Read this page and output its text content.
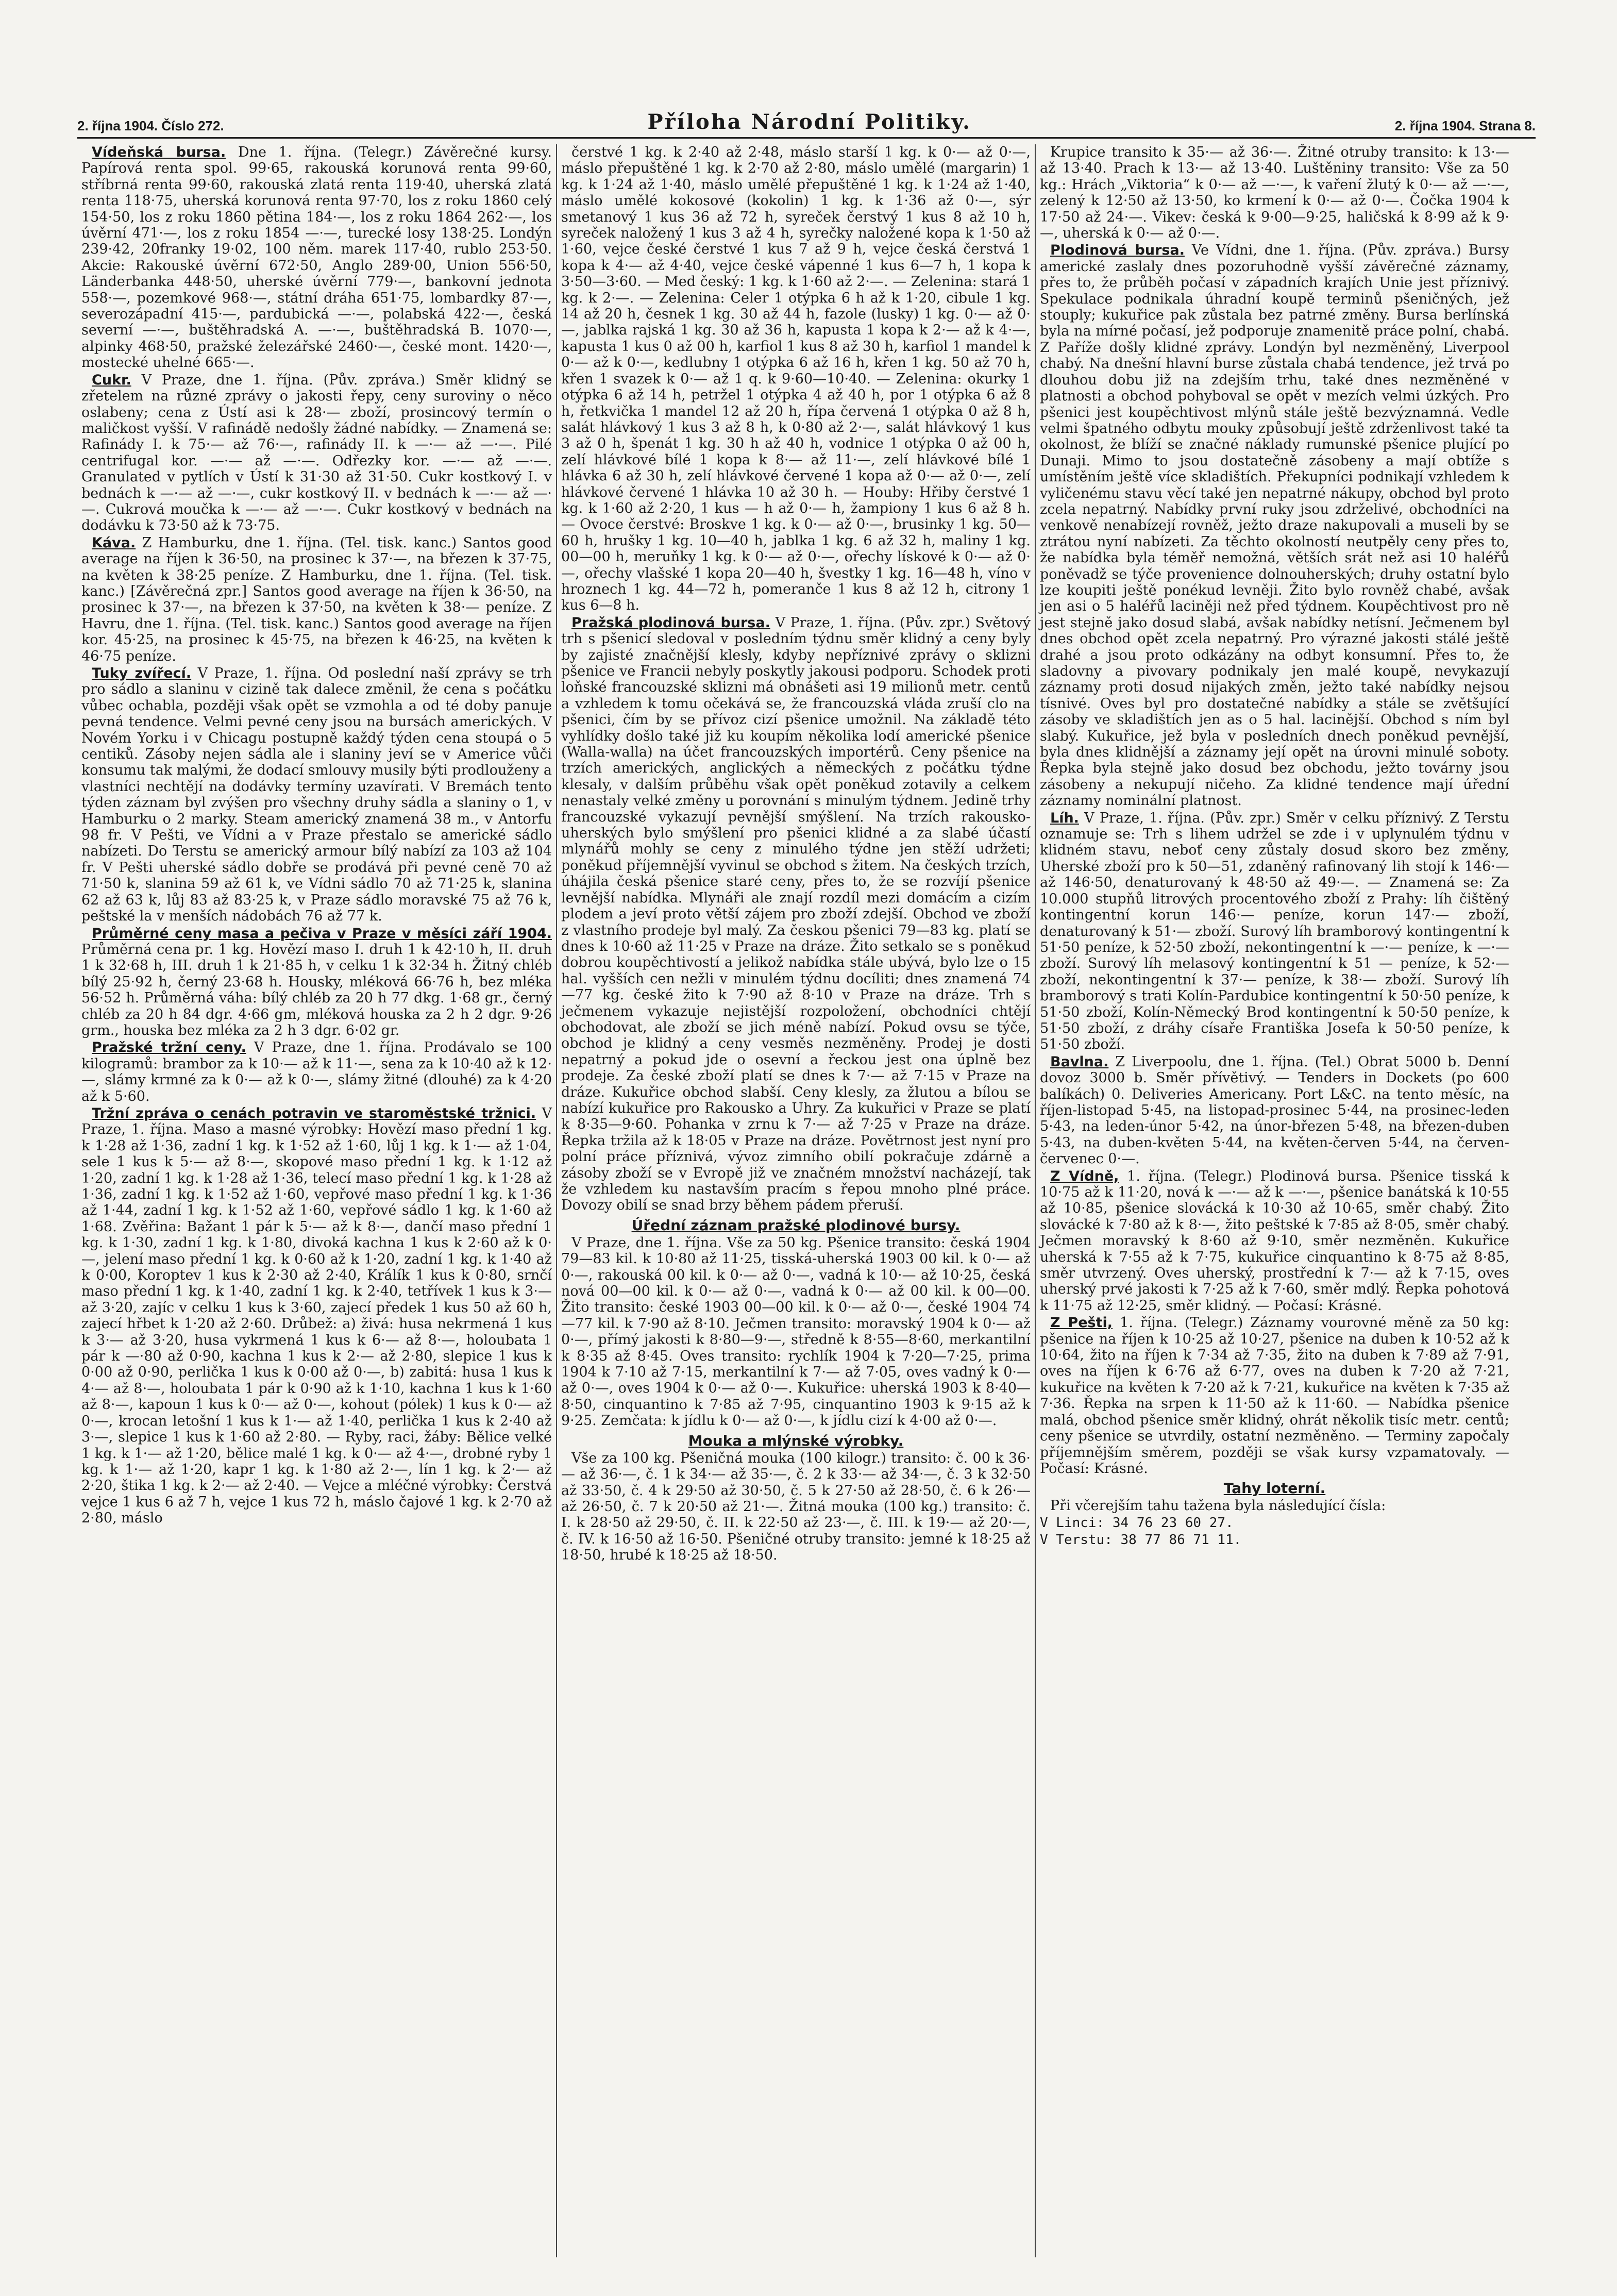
2. října 1904. Číslo 272.	Příloha Národní Politiky.	2. října 1904. Strana 8.

Vídeňská bursa. Dne 1. října. (Telegr.) Závěrečné kursy. Papírová renta spol. 99·65, rakouská korunová renta 99·60, stříbrná renta 99·60, rakouská zlatá renta 119·40, uherská zlatá renta 118·75, uherská korunová renta 97·70, los z roku 1860 celý 154·50, los z roku 1860 pětina 184·—, los z roku 1864 262·—, los úvěrní 471·—, los z roku 1854 —·—, turecké losy 138·25. Londýn 239·42, 20franky 19·02, 100 něm. marek 117·40, rublo 253·50. Akcie: Rakouské úvěrní 672·50, Anglo 289·00, Union 556·50, Länderbanka 448·50, uherské úvěrní 779·—, bankovní jednota 558·—, pozemkové 968·—, státní dráha 651·75, lombardky 87·—, severozápadní 415·—, pardubická —·—, polabská 422·—, česká severní —·—, buštěhradská A. —·—, buštěhradská B. 1070·—, alpinky 468·50, pražské železářské 2460·—, české mont. 1420·—, mostecké uhelné 665·—.

Cukr. V Praze, dne 1. října. (Pův. zpráva.) Směr klidný se zřetelem na různé zprávy o jakosti řepy, ceny suroviny o něco oslabeny; cena z Ústí asi k 28·— zboží, prosincový termín o maličkost vyšší. V rafinádě nedošly žádné nabídky. — Znamená se: Rafinády I. k 75·— až 76·—, rafinády II. k —·— až —·—. Pilé centrifugal kor. —·— až —·—. Odřezky kor. —·— až —·—. Granulated v pytlích v Ústí k 31·30 až 31·50. Cukr kostkový I. v bednách k —·— až —·—, cukr kostkový II. v bednách k —·— až —·—. Cukrová moučka k —·— až —·—. Cukr kostkový v bednách na dodávku k 73·50 až k 73·75.

Káva. Z Hamburku, dne 1. října. (Tel. tisk. kanc.) Santos good average na říjen k 36·50, na prosinec k 37·—, na březen k 37·75, na květen k 38·25 peníze. Z Hamburku, dne 1. října. (Tel. tisk. kanc.) [Závěrečná zpr.] Santos good average na říjen k 36·50, na prosinec k 37·—, na březen k 37·50, na květen k 38·— peníze. Z Havru, dne 1. října. (Tel. tisk. kanc.) Santos good average na říjen kor. 45·25, na prosinec k 45·75, na březen k 46·25, na květen k 46·75 peníze.

Tuky zvířecí. V Praze, 1. října. Od poslední naší zprávy se trh pro sádlo a slaninu v cizině tak dalece změnil, že cena s počátku vůbec ochabla, později však opět se vzmohla a od té doby panuje pevná tendence. Velmi pevné ceny jsou na bursách amerických. V Novém Yorku i v Chicagu postupně každý týden cena stoupá o 5 centiků. Zásoby nejen sádla ale i slaniny jeví se v Americe vůči konsumu tak malými, že dodací smlouvy musily býti prodlouženy a vlastníci nechtějí na dodávky termíny uzavírati. V Bremách tento týden záznam byl zvýšen pro všechny druhy sádla a slaniny o 1, v Hamburku o 2 marky. Steam americký znamená 38 m., v Antorfu 98 fr. V Pešti, ve Vídni a v Praze přestalo se americké sádlo nabízeti. Do Terstu se americký armour bílý nabízí za 103 až 104 fr. V Pešti uherské sádlo dobře se prodává při pevné ceně 70 až 71·50 k, slanina 59 až 61 k, ve Vídni sádlo 70 až 71·25 k, slanina 62 až 63 k, lůj 83 až 83·25 k, v Praze sádlo moravské 75 až 76 k, peštské la v menších nádobách 76 až 77 k.

Průměrné ceny masa a pečiva v Praze v měsíci září 1904. Průměrná cena pr. 1 kg. Hovězí maso I. druh 1 k 42·10 h, II. druh 1 k 32·68 h, III. druh 1 k 21·85 h, v celku 1 k 32·34 h. Žitný chléb bílý 25·92 h, černý 23·68 h. Housky, mléková 66·76 h, bez mléka 56·52 h. Průměrná váha: bílý chléb za 20 h 77 dkg. 1·68 gr., černý chléb za 20 h 84 dgr. 4·66 gm, mléková houska za 2 h 2 dgr. 9·26 grm., houska bez mléka za 2 h 3 dgr. 6·02 gr.

Pražské tržní ceny. V Praze, dne 1. října. Prodávalo se 100 kilogramů: brambor za k 10·— až k 11·—, sena za k 10·40 až k 12·—, slámy krmné za k 0·— až k 0·—, slámy žitné (dlouhé) za k 4·20 až k 5·60.

Tržní zpráva o cenách potravin ve staroměstské tržnici. V Praze, 1. října. Maso a masné výrobky: Hovězí maso přední 1 kg. k 1·28 až 1·36, zadní 1 kg. k 1·52 až 1·60, lůj 1 kg. k 1·— až 1·04, sele 1 kus k 5·— až 8·—, skopové maso přední 1 kg. k 1·12 až 1·20, zadní 1 kg. k 1·28 až 1·36, telecí maso přední 1 kg. k 1·28 až 1·36, zadní 1 kg. k 1·52 až 1·60, vepřové maso přední 1 kg. k 1·36 až 1·44, zadní 1 kg. k 1·52 až 1·60, vepřové sádlo 1 kg. k 1·60 až 1·68. Zvěřina: Bažant 1 pár k 5·— až k 8·—, dančí maso přední 1 kg. k 1·30, zadní 1 kg. k 1·80, divoká kachna 1 kus k 2·60 až k 0·—, jelení maso přední 1 kg. k 0·60 až k 1·20, zadní 1 kg. k 1·40 až k 0·00, Koroptev 1 kus k 2·30 až 2·40, Králík 1 kus k 0·80, srnčí maso přední 1 kg. k 1·40, zadní 1 kg. k 2·40, tetřívek 1 kus k 3·— až 3·20, zajíc v celku 1 kus k 3·60, zajecí předek 1 kus 50 až 60 h, zajecí hřbet k 1·20 až 2·60. Drůbež: a) živá: husa nekrmená 1 kus k 3·— až 3·20, husa vykrmená 1 kus k 6·— až 8·—, holoubata 1 pár k —·80 až 0·90, kachna 1 kus k 2·— až 2·80, slepice 1 kus k 0·00 až 0·90, perlička 1 kus k 0·00 až 0·—, b) zabitá: husa 1 kus k 4·— až 8·—, holoubata 1 pár k 0·90 až k 1·10, kachna 1 kus k 1·60 až 8·—, kapoun 1 kus k 0·— až 0·—, kohout (pólek) 1 kus k 0·— až 0·—, krocan letošní 1 kus k 1·— až 1·40, perlička 1 kus k 2·40 až 3·—, slepice 1 kus k 1·60 až 2·80. — Ryby, raci, žáby: Bělice velké 1 kg. k 1·— až 1·20, bělice malé 1 kg. k 0·— až 4·—, drobné ryby 1 kg. k 1·— až 1·20, kapr 1 kg. k 1·80 až 2·—, lín 1 kg. k 2·— až 2·20, štika 1 kg. k 2·— až 2·40. — Vejce a mléčné výrobky: Čerstvá vejce 1 kus 6 až 7 h, vejce 1 kus 72 h, máslo čajové 1 kg. k 2·70 až 2·80, máslo

čerstvé 1 kg. k 2·40 až 2·48, máslo starší 1 kg. k 0·— až 0·—, máslo přepuštěné 1 kg. k 2·70 až 2·80, máslo umělé (margarin) 1 kg. k 1·24 až 1·40, máslo umělé přepuštěné 1 kg. k 1·24 až 1·40, máslo umělé kokosové (kokolin) 1 kg. k 1·36 až 0·—, sýr smetanový 1 kus 36 až 72 h, syreček čerstvý 1 kus 8 až 10 h, syreček naložený 1 kus 3 až 4 h, syrečky naložené kopa k 1·50 až 1·60, vejce české čerstvé 1 kus 7 až 9 h, vejce česká čerstvá 1 kopa k 4·— až 4·40, vejce české vápenné 1 kus 6—7 h, 1 kopa k 3·50—3·60. — Med český: 1 kg. k 1·60 až 2·—. — Zelenina: stará 1 kg. k 2·—. — Zelenina: Celer 1 otýpka 6 h až k 1·20, cibule 1 kg. 14 až 20 h, česnek 1 kg. 30 až 44 h, fazole (lusky) 1 kg. 0·— až 0·—, jablka rajská 1 kg. 30 až 36 h, kapusta 1 kopa k 2·— až k 4·—, kapusta 1 kus 0 až 00 h, karfiol 1 kus 8 až 30 h, karfiol 1 mandel k 0·— až k 0·—, kedlubny 1 otýpka 6 až 16 h, křen 1 kg. 50 až 70 h, křen 1 svazek k 0·— až 1 q. k 9·60—10·40. — Zelenina: okurky 1 otýpka 6 až 14 h, petržel 1 otýpka 4 až 40 h, por 1 otýpka 6 až 8 h, řetkvička 1 mandel 12 až 20 h, řípa červená 1 otýpka 0 až 8 h, salát hlávkový 1 kus 3 až 8 h, k 0·80 až 2·—, salát hlávkový 1 kus 3 až 0 h, špenát 1 kg. 30 h až 40 h, vodnice 1 otýpka 0 až 00 h, zelí hlávkové bílé 1 kopa k 8·— až 11·—, zelí hlávkové bílé 1 hlávka 6 až 30 h, zelí hlávkové červené 1 kopa až 0·— až 0·—, zelí hlávkové červené 1 hlávka 10 až 30 h. — Houby: Hřiby čerstvé 1 kg. k 1·60 až 2·20, 1 kus — h až 0·— h, žampiony 1 kus 6 až 8 h. — Ovoce čerstvé: Broskve 1 kg. k 0·— až 0·—, brusinky 1 kg. 50—60 h, hrušky 1 kg. 10—40 h, jablka 1 kg. 6 až 32 h, maliny 1 kg. 00—00 h, meruňky 1 kg. k 0·— až 0·—, ořechy lískové k 0·— až 0·—, ořechy vlašské 1 kopa 20—40 h, švestky 1 kg. 16—48 h, víno v hroznech 1 kg. 44—72 h, pomeranče 1 kus 8 až 12 h, citrony 1 kus 6—8 h.

Pražská plodinová bursa. V Praze, 1. října. (Pův. zpr.) Světový trh s pšenicí sledoval v posledním týdnu směr klidný a ceny byly by zajisté značnější klesly, kdyby nepříznivé zprávy o sklizni pšenice ve Francii nebyly poskytly jakousi podporu. Schodek proti loňské francouzské sklizni má obnášeti asi 19 milionů metr. centů a vzhledem k tomu očekává se, že francouzská vláda zruší clo na pšenici, čím by se přívoz cizí pšenice umožnil. Na základě této vyhlídky došlo také již ku koupím několika lodí americké pšenice (Walla-walla) na účet francouzských importérů. Ceny pšenice na trzích amerických, anglických a německých z počátku týdne klesaly, v dalším průběhu však opět poněkud zotavily a celkem nenastaly velké změny u porovnání s minulým týdnem. Jedině trhy francouzské vykazují pevnější smýšlení. Na trzích rakousko-uherských bylo smýšlení pro pšenici klidné a za slabé účastí mlynářů mohly se ceny z minulého týdne jen stěží udržeti; poněkud příjemnější vyvinul se obchod s žitem. Na českých trzích, úhájila česká pšenice staré ceny, přes to, že se rozvíjí pšenice levnější nabídka. Mlynáři ale znají rozdíl mezi domácím a cizím plodem a jeví proto větší zájem pro zboží zdejší. Obchod ve zboží z vlastního prodeje byl malý. Za českou pšenici 79—83 kg. platí se dnes k 10·60 až 11·25 v Praze na dráze. Žito setkalo se s poněkud dobrou koupěchtivostí a jelikož nabídka stále ubývá, bylo lze o 15 hal. vyšších cen nežli v minulém týdnu docíliti; dnes znamená 74—77 kg. české žito k 7·90 až 8·10 v Praze na dráze. Trh s ječmenem vykazuje nejistější rozpoložení, obchodníci chtějí obchodovat, ale zboží se jich méně nabízí. Pokud ovsu se týče, obchod je klidný a ceny vesměs nezměněny. Prodej je dosti nepatrný a pokud jde o osevní a řeckou jest ona úplně bez prodeje. Za české zboží platí se dnes k 7·— až 7·15 v Praze na dráze. Kukuřice obchod slabší. Ceny klesly, za žlutou a bílou se nabízí kukuřice pro Rakousko a Uhry. Za kukuřici v Praze se platí k 8·35—9·60. Pohanka v zrnu k 7·— až 7·25 v Praze na dráze. Řepka tržila až k 18·05 v Praze na dráze. Povětrnost jest nyní pro polní práce příznivá, vývoz zimního obilí pokračuje zdárně a zásoby zboží se v Evropě již ve značném množství nacházejí, tak že vzhledem ku nastavším pracím s řepou mnoho plné práce. Dovozy obilí se snad brzy během pádem přeruší.

Úřední záznam pražské plodinové bursy.

V Praze, dne 1. října. Vše za 50 kg. Pšenice transito: česká 1904 79—83 kil. k 10·80 až 11·25, tisská-uherská 1903 00 kil. k 0·— až 0·—, rakouská 00 kil. k 0·— až 0·—, vadná k 10·— až 10·25, česká nová 00—00 kil. k 0·— až 0·—, vadná k 0·— až 00 kil. k 00—00. Žito transito: české 1903 00—00 kil. k 0·— až 0·—, české 1904 74—77 kil. k 7·90 až 8·10. Ječmen transito: moravský 1904 k 0·— až 0·—, přímý jakosti k 8·80—9·—, středně k 8·55—8·60, merkantilní k 8·35 až 8·45. Oves transito: rychlík 1904 k 7·20—7·25, prima 1904 k 7·10 až 7·15, merkantilní k 7·— až 7·05, oves vadný k 0·— až 0·—, oves 1904 k 0·— až 0·—. Kukuřice: uherská 1903 k 8·40—8·50, cinquantino k 7·85 až 7·95, cinquantino 1903 k 9·15 až k 9·25. Zemčata: k jídlu k 0·— až 0·—, k jídlu cizí k 4·00 až 0·—.

Mouka a mlýnské výrobky.

Vše za 100 kg. Pšeničná mouka (100 kilogr.) transito: č. 00 k 36·— až 36·—, č. 1 k 34·— až 35·—, č. 2 k 33·— až 34·—, č. 3 k 32·50 až 33·50, č. 4 k 29·50 až 30·50, č. 5 k 27·50 až 28·50, č. 6 k 26·— až 26·50, č. 7 k 20·50 až 21·—. Žitná mouka (100 kg.) transito: č. I. k 28·50 až 29·50, č. II. k 22·50 až 23·—, č. III. k 19·— až 20·—, č. IV. k 16·50 až 16·50. Pšeničné otruby transito: jemné k 18·25 až 18·50, hrubé k 18·25 až 18·50.

Krupice transito k 35·— až 36·—. Žitné otruby transito: k 13·— až 13·40. Prach k 13·— až 13·40. Luštěniny transito: Vše za 50 kg.: Hrách „Viktoria“ k 0·— až —·—, k vaření žlutý k 0·— až —·—, zelený k 12·50 až 13·50, ko krmení k 0·— až 0·—. Čočka 1904 k 17·50 až 24·—. Vikev: česká k 9·00—9·25, haličská k 8·99 až k 9·—, uherská k 0·— až 0·—.

Plodinová bursa. Ve Vídni, dne 1. října. (Pův. zpráva.) Bursy americké zaslaly dnes pozoruhodně vyšší závěrečné záznamy, přes to, že průběh počasí v západních krajích Unie jest příznivý. Spekulace podnikala úhradní koupě terminů pšeničných, jež stouply; kukuřice pak zůstala bez patrné změny. Bursa berlínská byla na mírné počasí, jež podporuje znamenitě práce polní, chabá. Z Paříže došly klidné zprávy. Londýn byl nezměněný, Liverpool chabý. Na dnešní hlavní burse zůstala chabá tendence, jež trvá po dlouhou dobu již na zdejším trhu, také dnes nezměněné v platnosti a obchod pohyboval se opět v mezích velmi úzkých. Pro pšenici jest koupěchtivost mlýnů stále ještě bezvýznamná. Vedle velmi špatného odbytu mouky způsobují ještě zdrženlivost také ta okolnost, že blíží se značné náklady rumunské pšenice plující po Dunaji. Mimo to jsou dostatečně zásobeny a mají obtíže s umístěním ještě více skladištích. Překupníci podnikají vzhledem k vyličenému stavu věcí také jen nepatrné nákupy, obchod byl proto zcela nepatrný. Nabídky první ruky jsou zdrželivé, obchodníci na venkově nenabízejí rovněž, ježto draze nakupovali a museli by se ztrátou nyní nabízeti. Za těchto okolností neutpěly ceny přes to, že nabídka byla téměř nemožná, větších srát než asi 10 haléřů poněvadž se týče provenience dolnouherských; druhy ostatní bylo lze koupiti ještě ponékud levněji. Žito bylo rovněž chabé, avšak jen asi o 5 haléřů laciněji než před týdnem. Koupěchtivost pro ně jest stejně jako dosud slabá, avšak nabídky netísní. Ječmenem byl dnes obchod opět zcela nepatrný. Pro výrazné jakosti stálé ještě drahé a jsou proto odkázány na odbyt konsumní. Přes to, že sladovny a pivovary podnikaly jen malé koupě, nevykazují záznamy proti dosud nijakých změn, ježto také nabídky nejsou tísnivé. Oves byl pro dostatečné nabídky a stále se zvětšující zásoby ve skladištích jen as o 5 hal. lacinější. Obchod s ním byl slabý. Kukuřice, jež byla v posledních dnech poněkud pevnější, byla dnes klidnější a záznamy její opět na úrovni minulé soboty. Řepka byla stejně jako dosud bez obchodu, ježto továrny jsou zásobeny a nekupují ničeho. Za klidné tendence mají úřední záznamy nominální platnost.

Líh. V Praze, 1. října. (Pův. zpr.) Směr v celku příznivý. Z Terstu oznamuje se: Trh s lihem udržel se zde i v uplynulém týdnu v klidném stavu, neboť ceny zůstaly dosud skoro bez změny, Uherské zboží pro k 50—51, zdaněný rafinovaný lih stojí k 146·— až 146·50, denaturovaný k 48·50 až 49·—. — Znamená se: Za 10.000 stupňů litrových procentového zboží z Prahy: líh čištěný kontingentní korun 146·— peníze, korun 147·— zboží, denaturovaný k 51·— zboží. Surový líh bramborový kontingentní k 51·50 peníze, k 52·50 zboží, nekontingentní k —·— peníze, k —·— zboží. Surový líh melasový kontingentní k 51 — peníze, k 52·— zboží, nekontingentní k 37·— peníze, k 38·— zboží. Surový líh bramborový s trati Kolín-Pardubice kontingentní k 50·50 peníze, k 51·50 zboží, Kolín-Německý Brod kontingentní k 50·50 peníze, k 51·50 zboží, z dráhy císaře Františka Josefa k 50·50 peníze, k 51·50 zboží.

Bavlna. Z Liverpoolu, dne 1. října. (Tel.) Obrat 5000 b. Denní dovoz 3000 b. Směr přívětivý. — Tenders in Dockets (po 600 balíkách) 0. Deliveries Americany. Port L&C. na tento měsíc, na říjen-listopad 5·45, na listopad-prosinec 5·44, na prosinec-leden 5·43, na leden-únor 5·42, na únor-březen 5·48, na březen-duben 5·43, na duben-květen 5·44, na květen-červen 5·44, na červen-červenec 0·—.

Z Vídně, 1. října. (Telegr.) Plodinová bursa. Pšenice tisská k 10·75 až k 11·20, nová k —·— až k —·—, pšenice banátská k 10·55 až 10·85, pšenice slovácká k 10·30 až 10·65, směr chabý. Žito slovácké k 7·80 až k 8·—, žito peštské k 7·85 až 8·05, směr chabý. Ječmen moravský k 8·60 až 9·10, směr nezměněn. Kukuřice uherská k 7·55 až k 7·75, kukuřice cinquantino k 8·75 až 8·85, směr utvrzený. Oves uherský, prostřední k 7·— až k 7·15, oves uherský prvé jakosti k 7·25 až k 7·60, směr mdlý. Řepka pohotová k 11·75 až 12·25, směr klidný. — Počasí: Krásné.

Z Pešti, 1. října. (Telegr.) Záznamy vourovné měně za 50 kg: pšenice na říjen k 10·25 až 10·27, pšenice na duben k 10·52 až k 10·64, žito na říjen k 7·34 až 7·35, žito na duben k 7·89 až 7·91, oves na říjen k 6·76 až 6·77, oves na duben k 7·20 až 7·21, kukuřice na květen k 7·20 až k 7·21, kukuřice na květen k 7·35 až 7·36. Řepka na srpen k 11·50 až k 11·60. — Nabídka pšenice malá, obchod pšenice směr klidný, ohrát několik tisíc metr. centů; ceny pšenice se utvrdily, ostatní nezměněno. — Terminy započaly příjemnějším směrem, později se však kursy vzpamatovaly. — Počasí: Krásné.

Tahy loterní.

Při včerejším tahu tažena byla následující čísla:

V Linci: 34 76 23 60 27.

V Terstu: 38 77 86 71 11.
